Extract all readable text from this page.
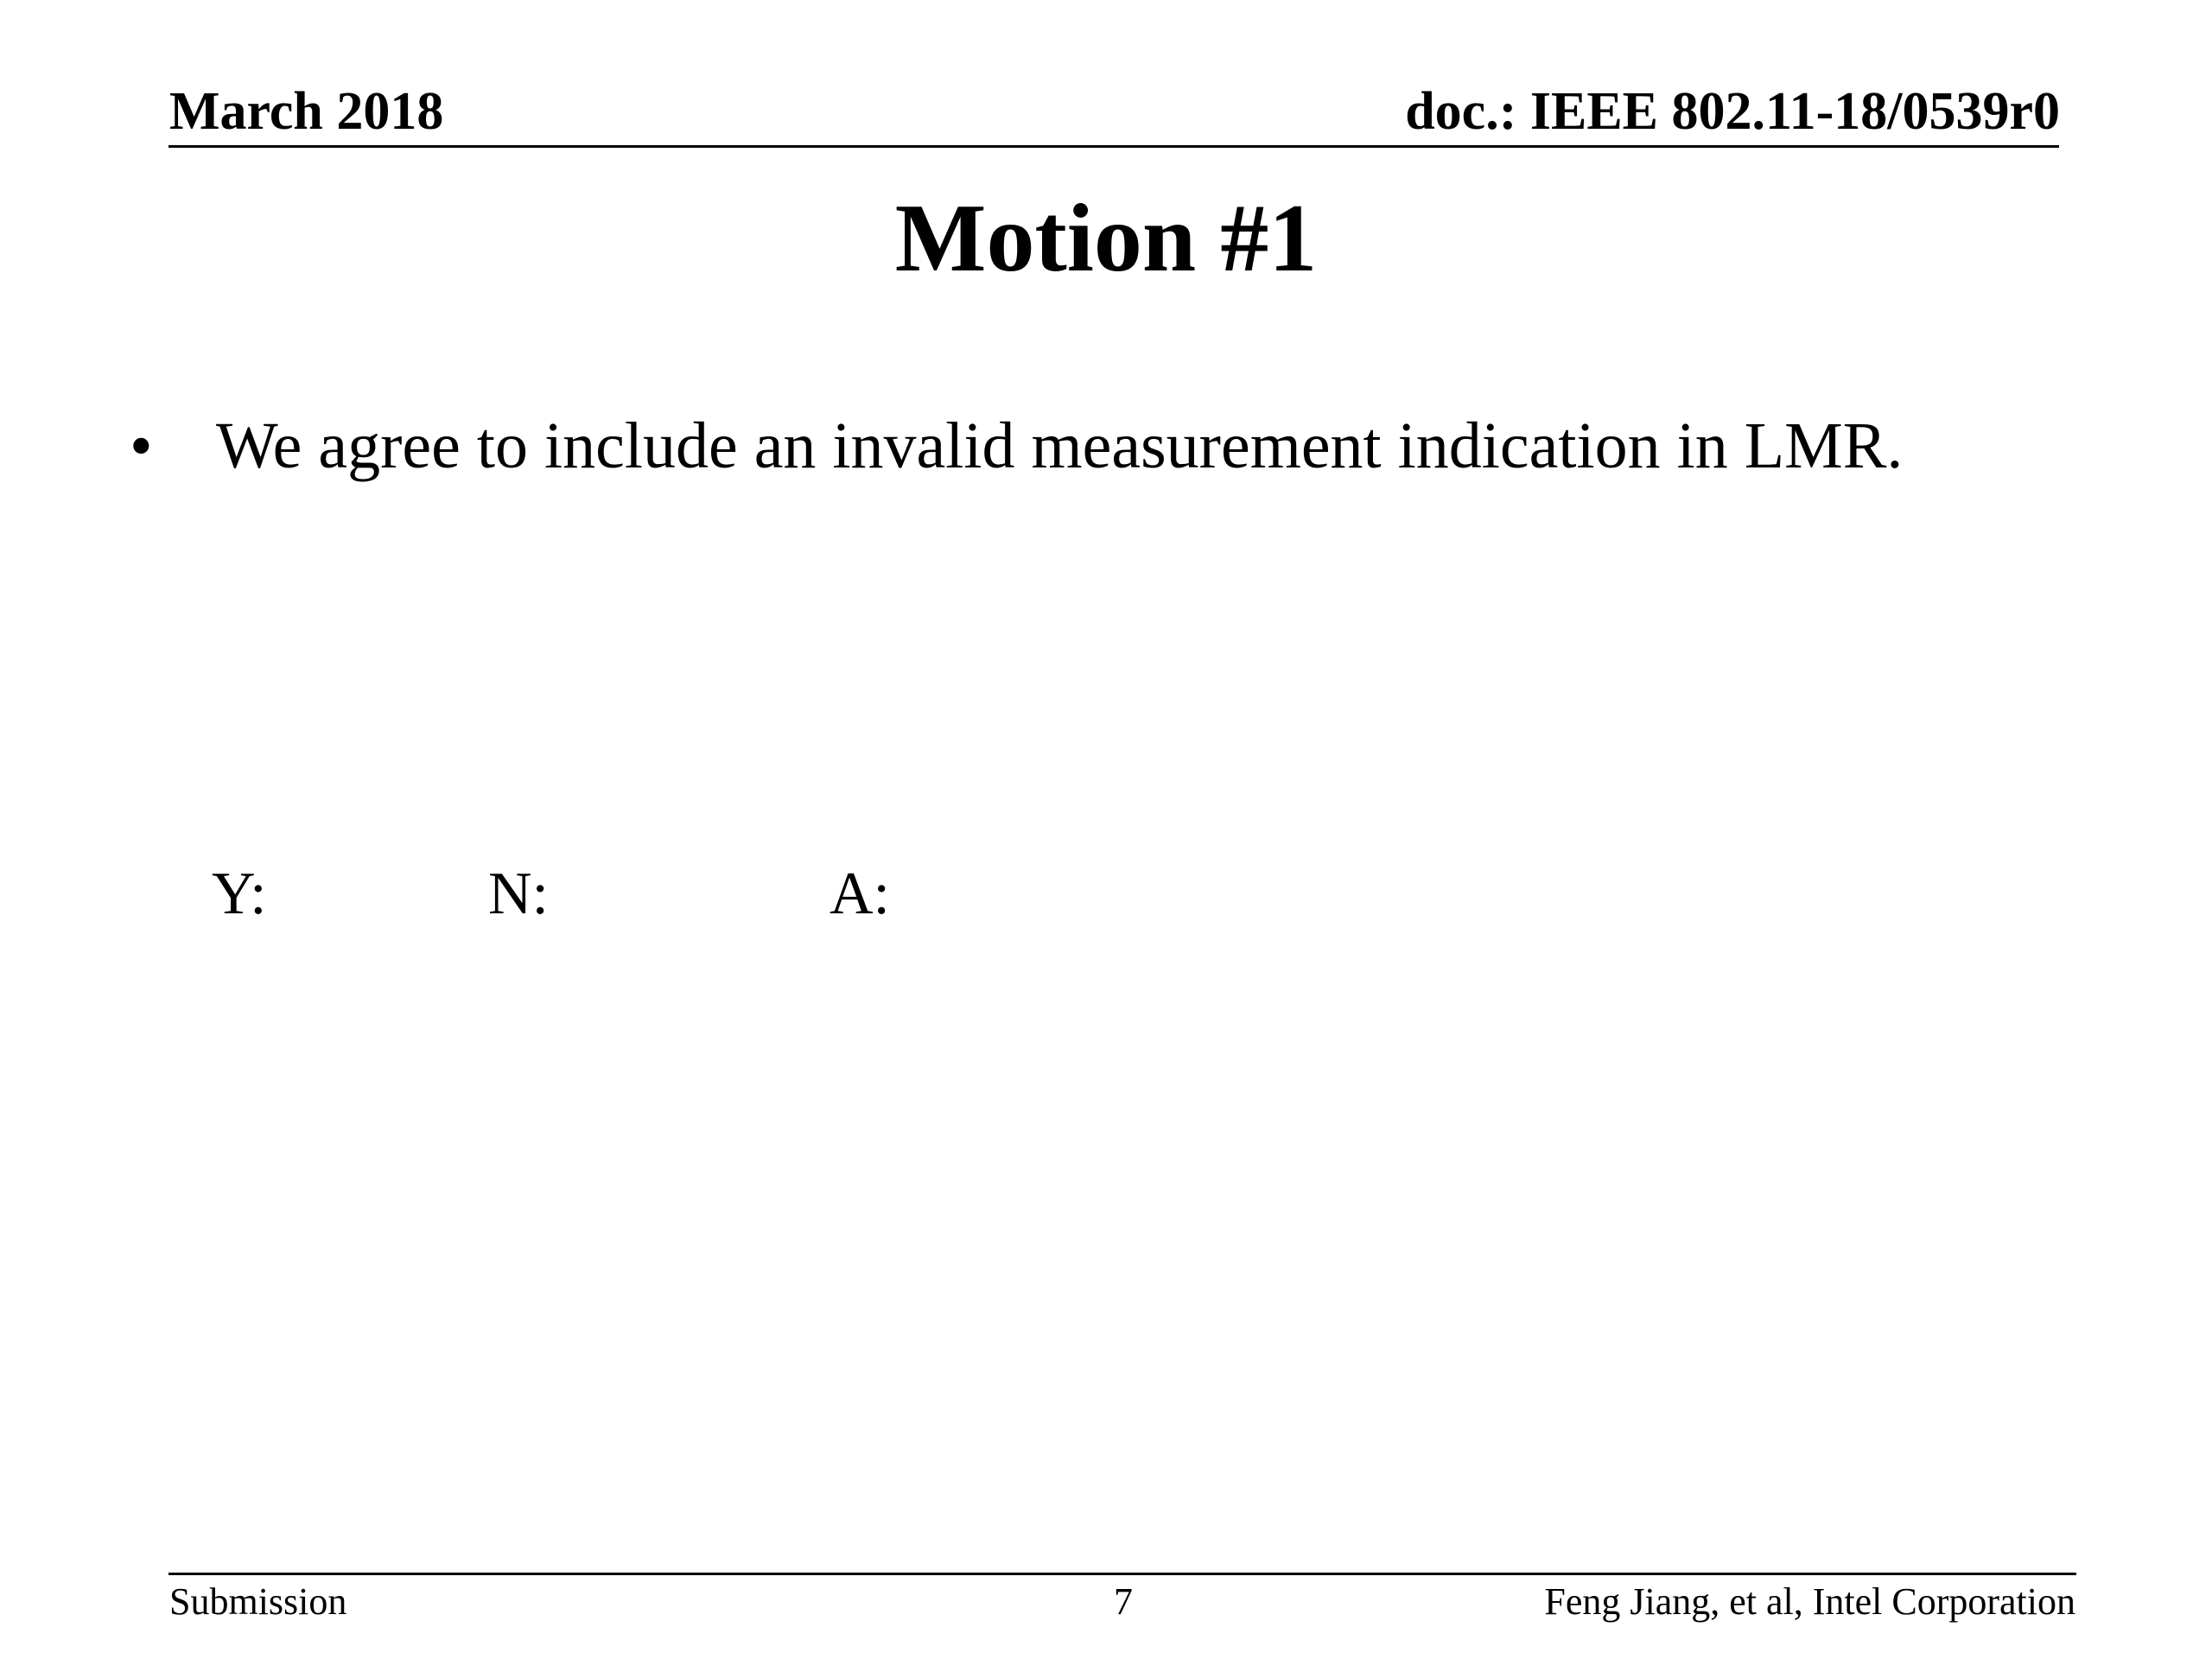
March 2018	doc.: IEEE 802.11-18/0539r0
Motion #1
• We agree to include an invalid measurement indication in LMR.
Y:	N:	A:
Submission	7	Feng Jiang, et al, Intel Corporation
